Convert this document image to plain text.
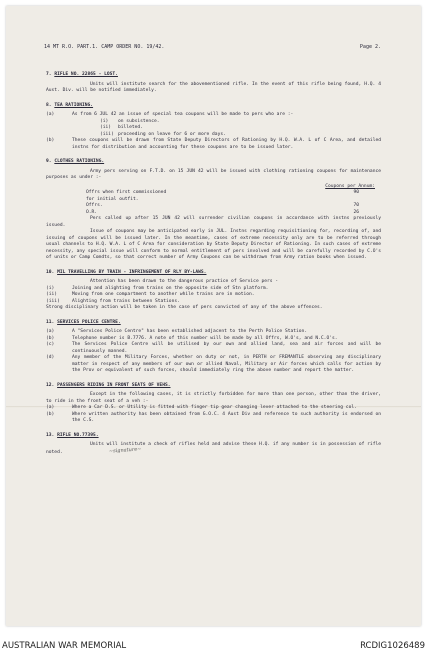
14 MT R.O. PART.1. CAMP ORDER NO. 19/42.	Page 2.
7. RIFLE NO. 22865 - LOST.
Units will institute search for the abovementioned rifle. In the event of this rifle being found, H.Q. 4 Aust. Div. will be notified immediately.
8. TEA RATIONING.
(a)	As from 6 JUL 42 an issue of special tea coupons will be made to pers who are :-
(i)	on subsistence.
(ii)	billeted.
(iii) proceeding on leave for 6 or more days.
(b)	These coupons will be drawn from State Deputy Directors of Rationing by H.Q. W.A. L of C Area, and detailed instns for distribution and accounting for these coupons are to be issued later.
9. CLOTHES RATIONING.
Army pers serving on F.T.D. on 15 JUN 42 will be issued with clothing rationing coupons for maintenance purposes as under :-
Coupons per Annum:
Offrs when first commissioned	90
for initial outfit.
Offrs.	70
O.R.	26
Pers called up after 15 JUN 42 will surrender civilian coupons in accordance with instns previously issued.
Issue of coupons may be anticipated early in JUL. Instns regarding requisitioning for, recording of, and issuing of coupons will be issued later. In the meantime, cases of extreme necessity only are to be referred through usual channels to H.Q. W.A. L of C Area for consideration by State Deputy Director of Rationing. In such cases of extreme necessity, any special issue will conform to normal entitlement of pers involved and will be carefully recorded by C.O's of units or Camp Comdts, so that correct number of Army Coupons can be withdrawn from Army ration books when issued.
10. MIL TRAVELLING BY TRAIN - INFRINGEMENT OF RLY BY-LAWS.
Attention has been drawn to the dangerous practice of Service pers -
(i)	Joining and alighting from trains on the opposite side of Stn platform.
(ii)	Moving from one compartment to another while trains are in motion.
(iii)	Alighting from trains between Stations.
Strong disciplinary action will be taken in the case of pers convicted of any of the above offences.
11. SERVICES POLICE CENTRE.
(a)	A "Services Police Centre" has been established adjacent to the Perth Police Station.
(b)	Telephone number is B.7776. A note of this number will be made by all Offrs, W.O's, and N.C.O's.
(c)	The Services Police Centre will be utilised by our own and allied land, sea and air forces and will be continuously manned.
(d)	Any member of the Military Forces, whether on duty or not, in PERTH or FREMANTLE observing any disciplinary matter in respect of any members of our own or allied Naval, Military or Air forces which calls for action by the Prov or equivalent of such forces, should immediately ring the above number and report the matter.
12. PASSENGERS RIDING IN FRONT SEATS OF VEHS.
Except in the following cases, it is strictly forbidden for more than one person, other than the driver, to ride in the front seat of a veh :-
(a)	Where a Car D.S. or Utility is fitted with finger tip gear changing lever attached to the steering col.
(b)	Where written authority has been obtained from G.O.C. 4 Aust Div and reference to such authority is endorsed on the C.S.
13. RIFLE NO.77395.
Units will institute a check of rifles held and advise these H.Q. if any number is in possession of rifle noted.	~signature~
AUSTRALIAN WAR MEMORIAL	RCDIG1026489
